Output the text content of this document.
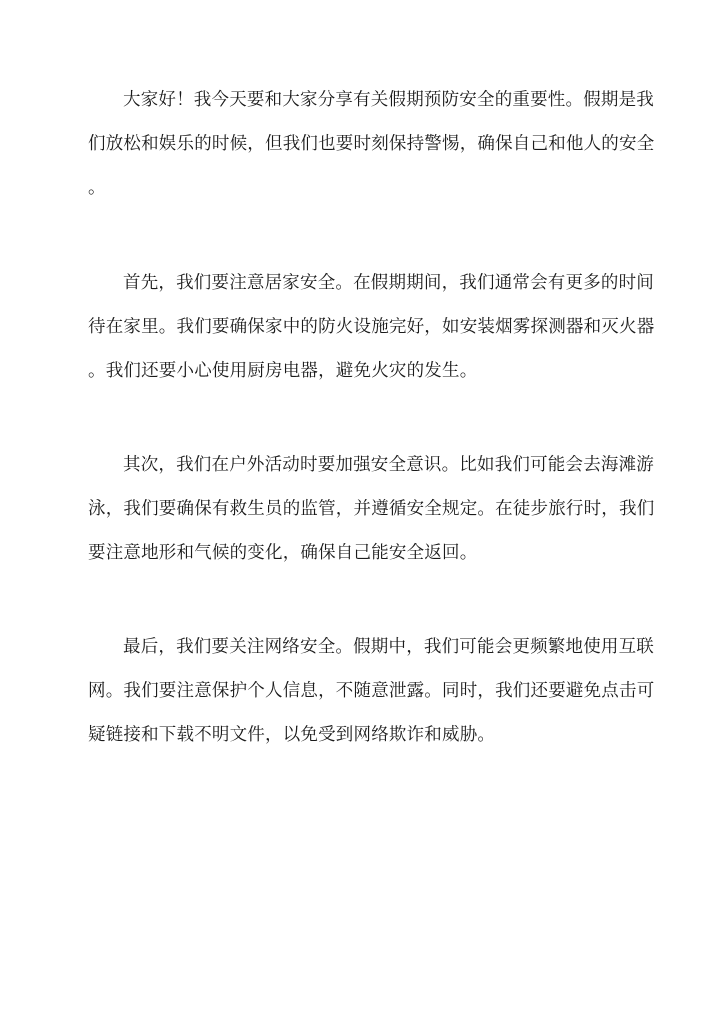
大家好！我今天要和大家分享有关假期预防安全的重要性。假期是我
们放松和娱乐的时候，但我们也要时刻保持警惕，确保自己和他人的安全
。
首先，我们要注意居家安全。在假期期间，我们通常会有更多的时间
待在家里。我们要确保家中的防火设施完好，如安装烟雾探测器和灭火器
。我们还要小心使用厨房电器，避免火灾的发生。
其次，我们在户外活动时要加强安全意识。比如我们可能会去海滩游
泳，我们要确保有救生员的监管，并遵循安全规定。在徒步旅行时，我们
要注意地形和气候的变化，确保自己能安全返回。
最后，我们要关注网络安全。假期中，我们可能会更频繁地使用互联
网。我们要注意保护个人信息，不随意泄露。同时，我们还要避免点击可
疑链接和下载不明文件，以免受到网络欺诈和威胁。
